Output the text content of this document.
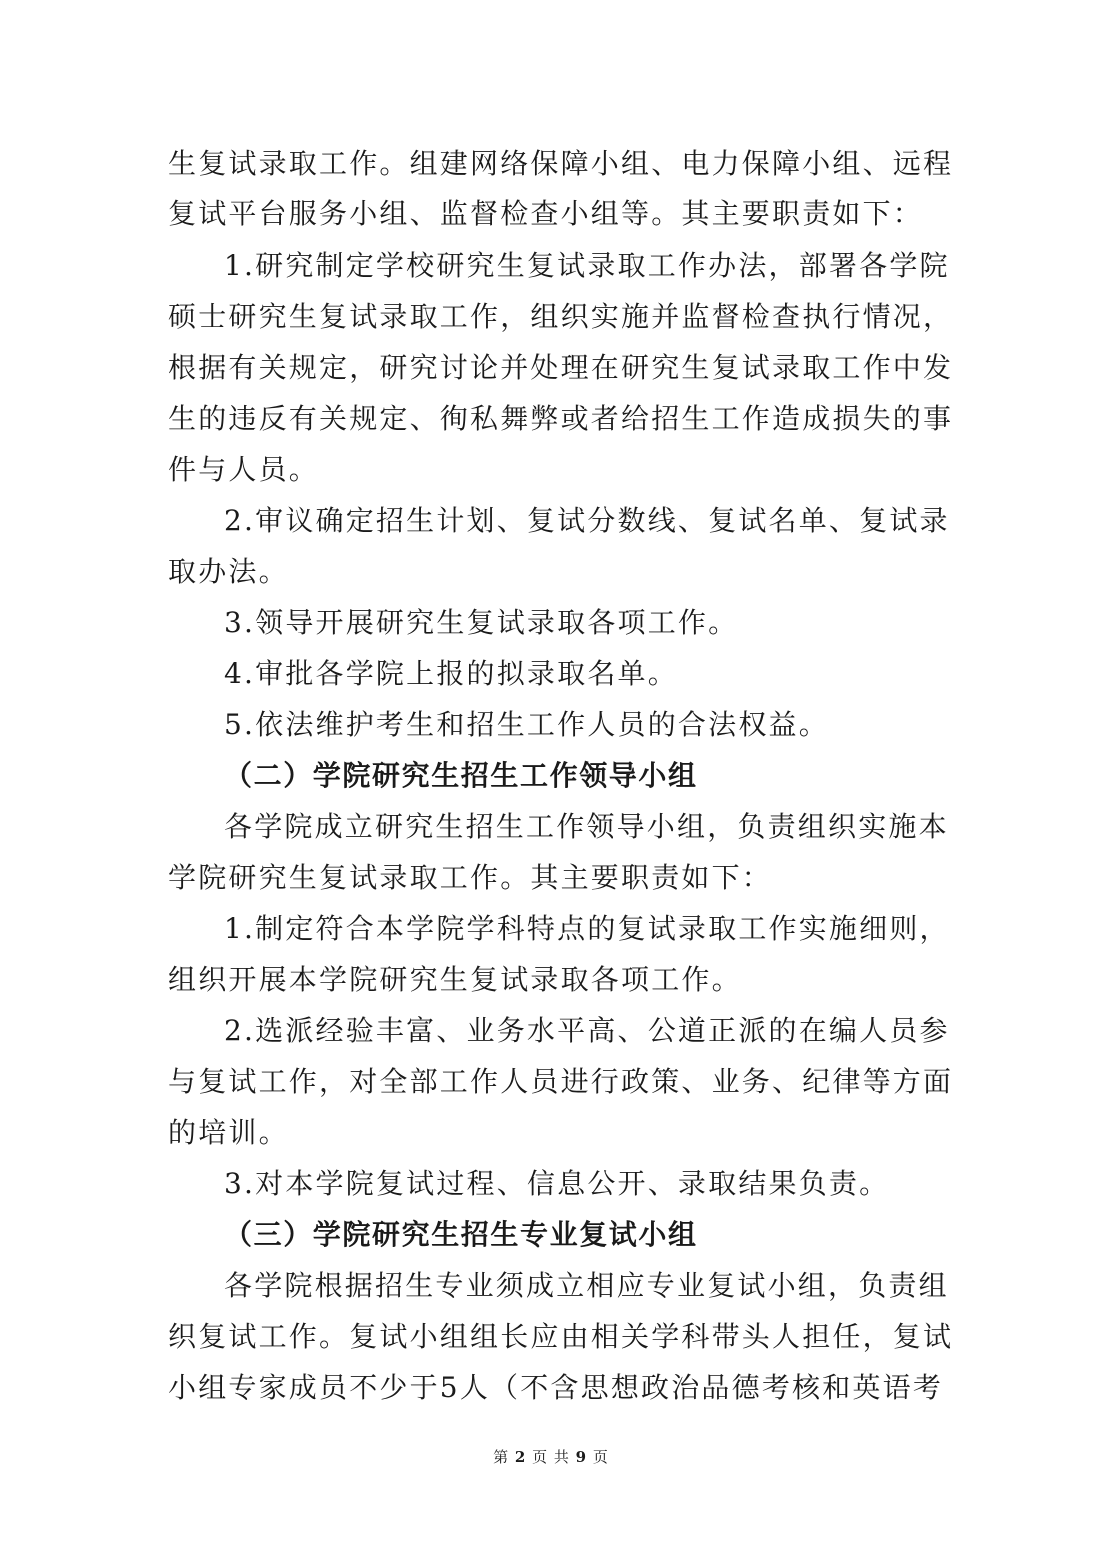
生复试录取工作。组建网络保障小组、电力保障小组、远程
复试平台服务小组、监督检查小组等。其主要职责如下：
1.研究制定学校研究生复试录取工作办法，部署各学院
硕士研究生复试录取工作，组织实施并监督检查执行情况，
根据有关规定，研究讨论并处理在研究生复试录取工作中发
生的违反有关规定、徇私舞弊或者给招生工作造成损失的事
件与人员。
2.审议确定招生计划、复试分数线、复试名单、复试录
取办法。
3.领导开展研究生复试录取各项工作。
4.审批各学院上报的拟录取名单。
5.依法维护考生和招生工作人员的合法权益。
（二）学院研究生招生工作领导小组
各学院成立研究生招生工作领导小组，负责组织实施本
学院研究生复试录取工作。其主要职责如下：
1.制定符合本学院学科特点的复试录取工作实施细则，
组织开展本学院研究生复试录取各项工作。
2.选派经验丰富、业务水平高、公道正派的在编人员参
与复试工作，对全部工作人员进行政策、业务、纪律等方面
的培训。
3.对本学院复试过程、信息公开、录取结果负责。
（三）学院研究生招生专业复试小组
各学院根据招生专业须成立相应专业复试小组，负责组
织复试工作。复试小组组长应由相关学科带头人担任，复试
小组专家成员不少于5人（不含思想政治品德考核和英语考
第 2 页 共 9 页
